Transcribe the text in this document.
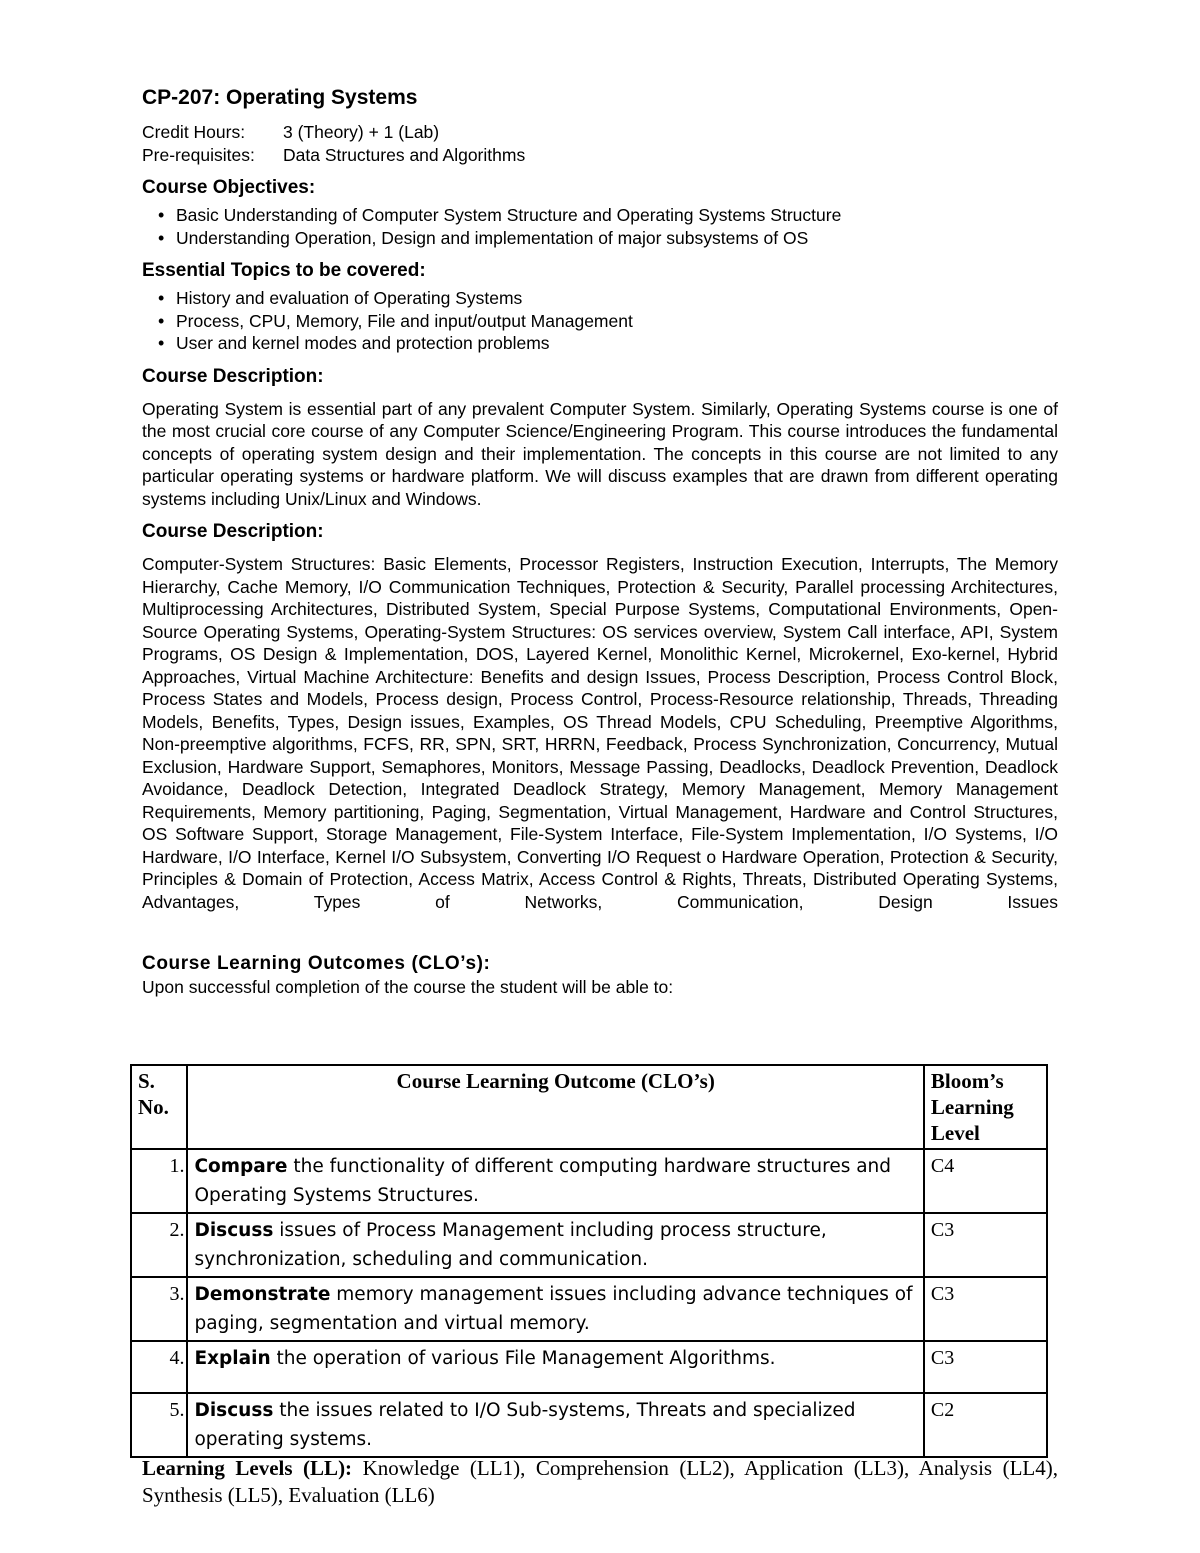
CP-207: Operating Systems
Credit Hours:	3 (Theory) + 1 (Lab)
Pre-requisites:	Data Structures and Algorithms
Course Objectives:
• Basic Understanding of Computer System Structure and Operating Systems Structure
• Understanding Operation, Design and implementation of major subsystems of OS
Essential Topics to be covered:
• History and evaluation of Operating Systems
• Process, CPU, Memory, File and input/output Management
• User and kernel modes and protection problems
Course Description:

Operating System is essential part of any prevalent Computer System. Similarly, Operating Systems course is one of the most crucial core course of any Computer Science/Engineering Program. This course introduces the fundamental concepts of operating system design and their implementation. The concepts in this course are not limited to any particular operating systems or hardware platform. We will discuss examples that are drawn from different operating systems including Unix/Linux and Windows.

Course Description:

Computer-System Structures: Basic Elements, Processor Registers, Instruction Execution, Interrupts, The Memory Hierarchy, Cache Memory, I/O Communication Techniques, Protection & Security, Parallel processing Architectures, Multiprocessing Architectures, Distributed System, Special Purpose Systems, Computational Environments, Open-Source Operating Systems, Operating-System Structures: OS services overview, System Call interface, API, System Programs, OS Design & Implementation, DOS, Layered Kernel, Monolithic Kernel, Microkernel, Exo-kernel, Hybrid Approaches, Virtual Machine Architecture: Benefits and design Issues, Process Description, Process Control Block, Process States and Models, Process design, Process Control, Process-Resource relationship, Threads, Threading Models, Benefits, Types, Design issues, Examples, OS Thread Models, CPU Scheduling, Preemptive Algorithms, Non-preemptive algorithms, FCFS, RR, SPN, SRT, HRRN, Feedback, Process Synchronization, Concurrency, Mutual Exclusion, Hardware Support, Semaphores, Monitors, Message Passing, Deadlocks, Deadlock Prevention, Deadlock Avoidance, Deadlock Detection, Integrated Deadlock Strategy, Memory Management, Memory Management Requirements, Memory partitioning, Paging, Segmentation, Virtual Management, Hardware and Control Structures, OS Software Support, Storage Management, File-System Interface, File-System Implementation, I/O Systems, I/O Hardware, I/O Interface, Kernel I/O Subsystem, Converting I/O Request o Hardware Operation, Protection & Security, Principles & Domain of Protection, Access Matrix, Access Control & Rights, Threats, Distributed Operating Systems, Advantages, Types of Networks, Communication, Design Issues

Course Learning Outcomes (CLO’s):

Upon successful completion of the course the student will be able to:

S. No.	Course Learning Outcome (CLO’s)	Bloom’s Learning Level
1.	Compare the functionality of different computing hardware structures and Operating Systems Structures.	C4
2.	Discuss issues of Process Management including process structure, synchronization, scheduling and communication.	C3
3.	Demonstrate memory management issues including advance techniques of paging, segmentation and virtual memory.	C3
4.	Explain the operation of various File Management Algorithms.	C3
5.	Discuss the issues related to I/O Sub-systems, Threats and specialized operating systems.	C2

Learning Levels (LL): Knowledge (LL1), Comprehension (LL2), Application (LL3), Analysis (LL4), Synthesis (LL5), Evaluation (LL6)
